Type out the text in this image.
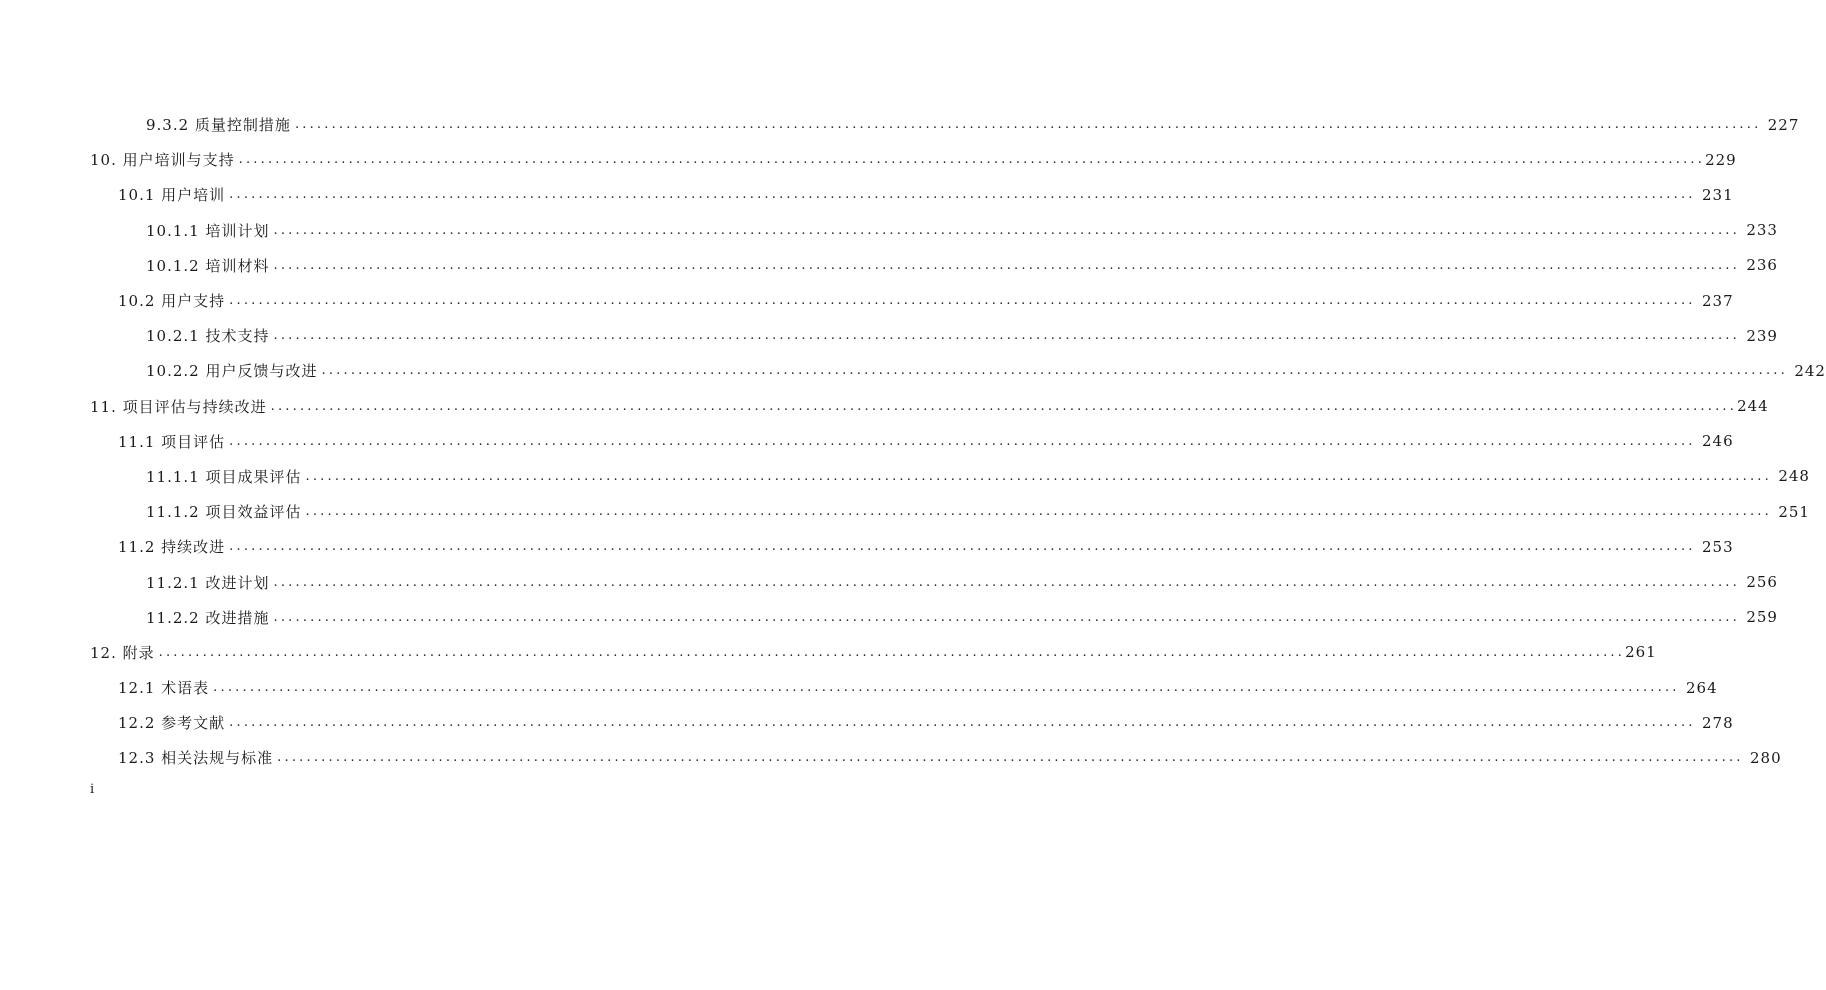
9.3.2 质量控制措施 ........................................................................................................................................................................................................ 227
10. 用户培训与支持 ........................................................................................................................................................................................................ 229
10.1 用户培训 ........................................................................................................................................................................................................ 231
10.1.1 培训计划 ........................................................................................................................................................................................................ 233
10.1.2 培训材料 ........................................................................................................................................................................................................ 236
10.2 用户支持 ........................................................................................................................................................................................................ 237
10.2.1 技术支持 ........................................................................................................................................................................................................ 239
10.2.2 用户反馈与改进 ........................................................................................................................................................................................................ 242
11. 项目评估与持续改进 ........................................................................................................................................................................................................ 244
11.1 项目评估 ........................................................................................................................................................................................................ 246
11.1.1 项目成果评估 ........................................................................................................................................................................................................ 248
11.1.2 项目效益评估 ........................................................................................................................................................................................................ 251
11.2 持续改进 ........................................................................................................................................................................................................ 253
11.2.1 改进计划 ........................................................................................................................................................................................................ 256
11.2.2 改进措施 ........................................................................................................................................................................................................ 259
12. 附录 ........................................................................................................................................................................................................ 261
12.1 术语表 ........................................................................................................................................................................................................ 264
12.2 参考文献 ........................................................................................................................................................................................................ 278
12.3 相关法规与标准 ........................................................................................................................................................................................................ 280
i
